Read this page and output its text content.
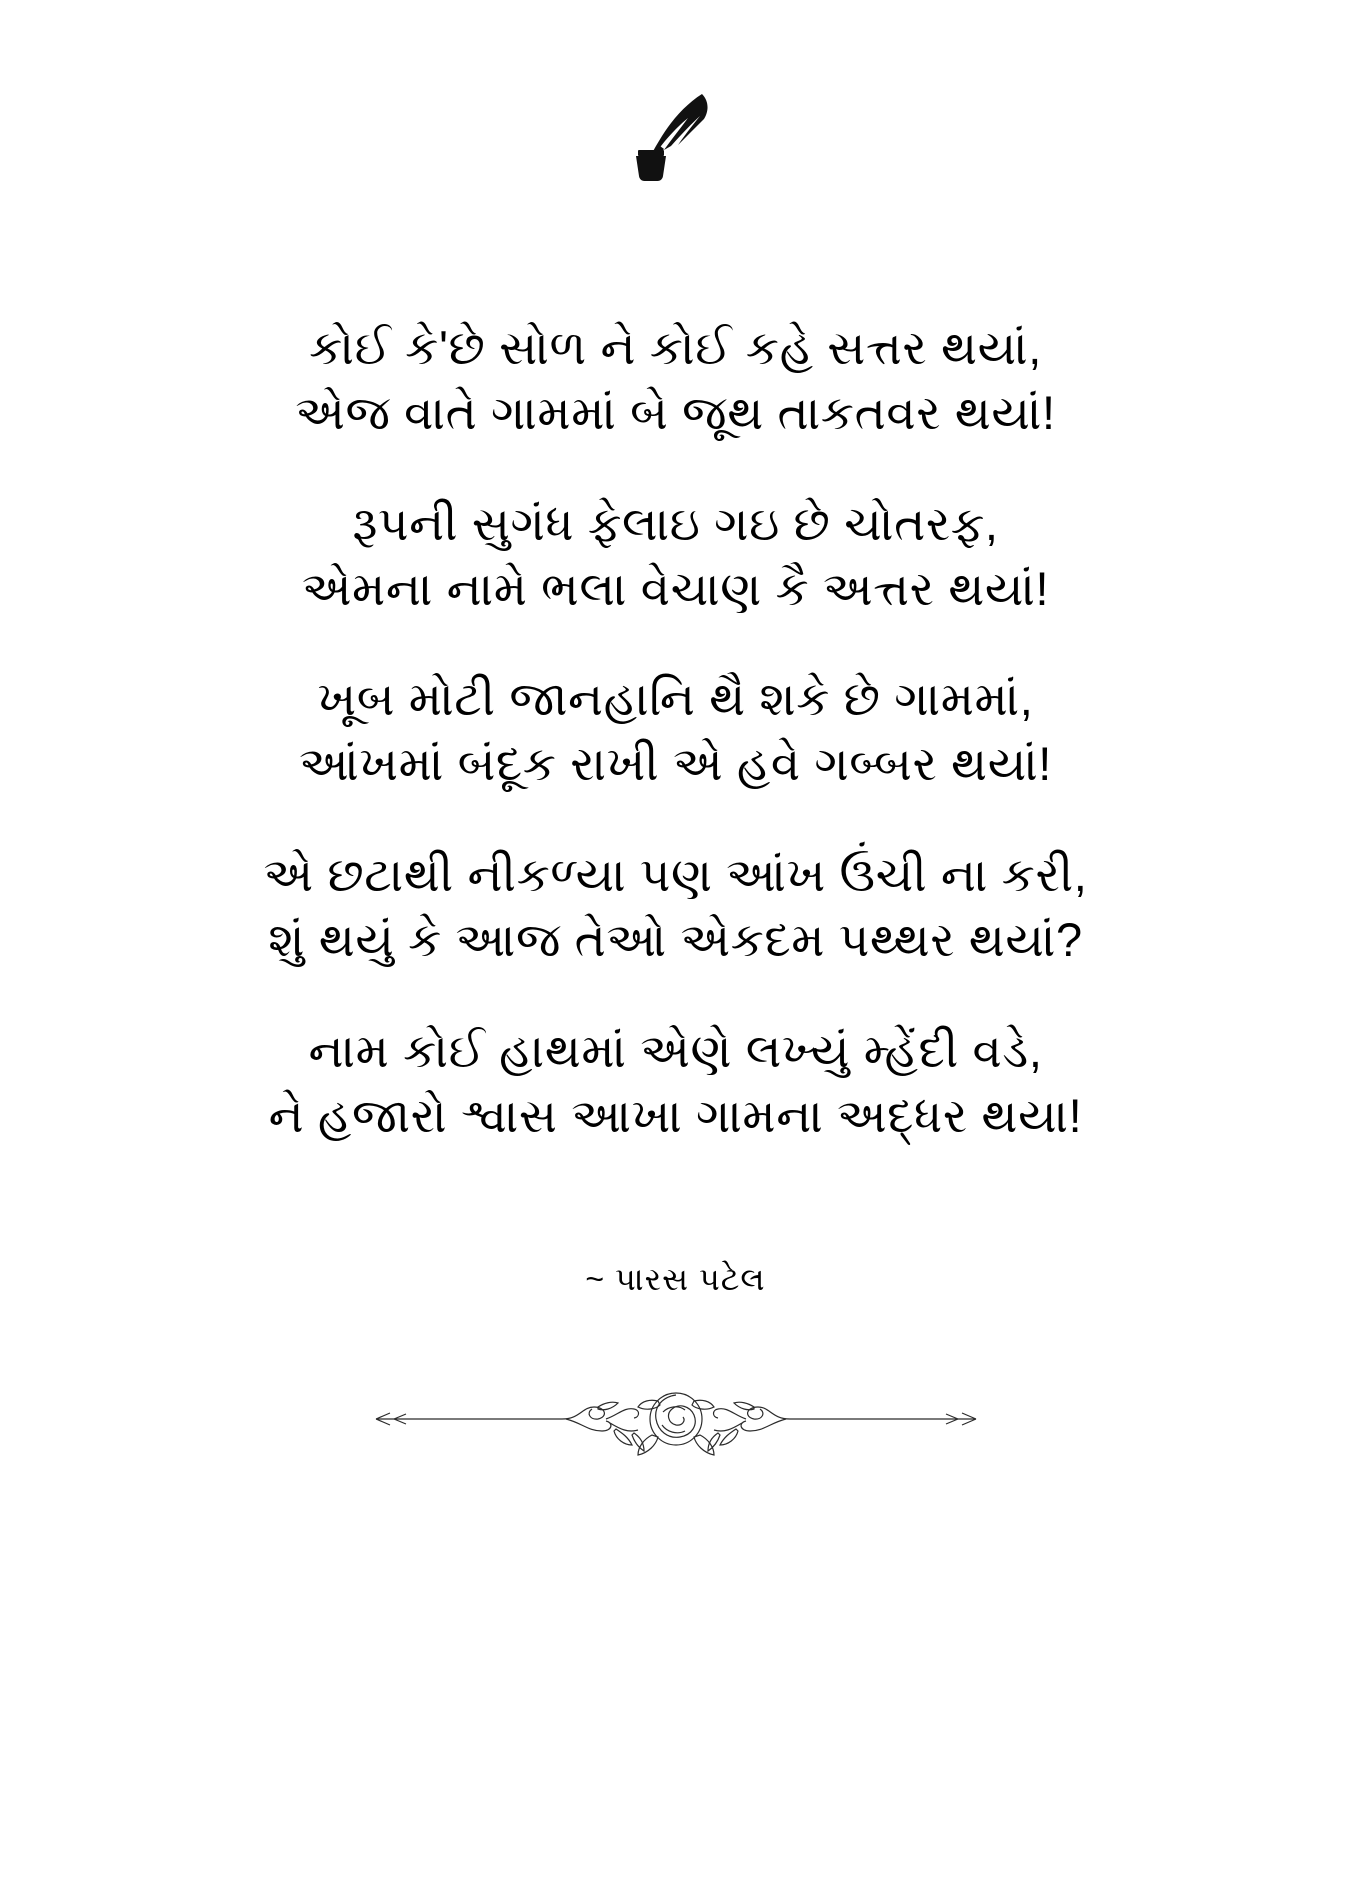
કોઈ કે'છે સોળ ને કોઈ કહે સત્તર થયાં,
એજ વાતે ગામમાં બે જૂથ તાકતવર થયાં!
રૂપની સુગંધ ફેલાઇ ગઇ છે ચોતરફ,
એમના નામે ભલા વેચાણ કૈ અત્તર થયાં!
ખૂબ મોટી જાનહાનિ થૈ શકે છે ગામમાં,
આંખમાં બંદૂક રાખી એ હવે ગબ્બર થયાં!
એ છટાથી નીકળ્યા પણ આંખ ઉંચી ના કરી,
શું થયું કે આજ તેઓ એકદમ પથ્થર થયાં?
નામ કોઈ હાથમાં એણે લખ્યું મ્હેંદી વડે,
ને હજારો શ્વાસ આખા ગામના અદ્ધર થયા!
~ પારસ પટેલ
